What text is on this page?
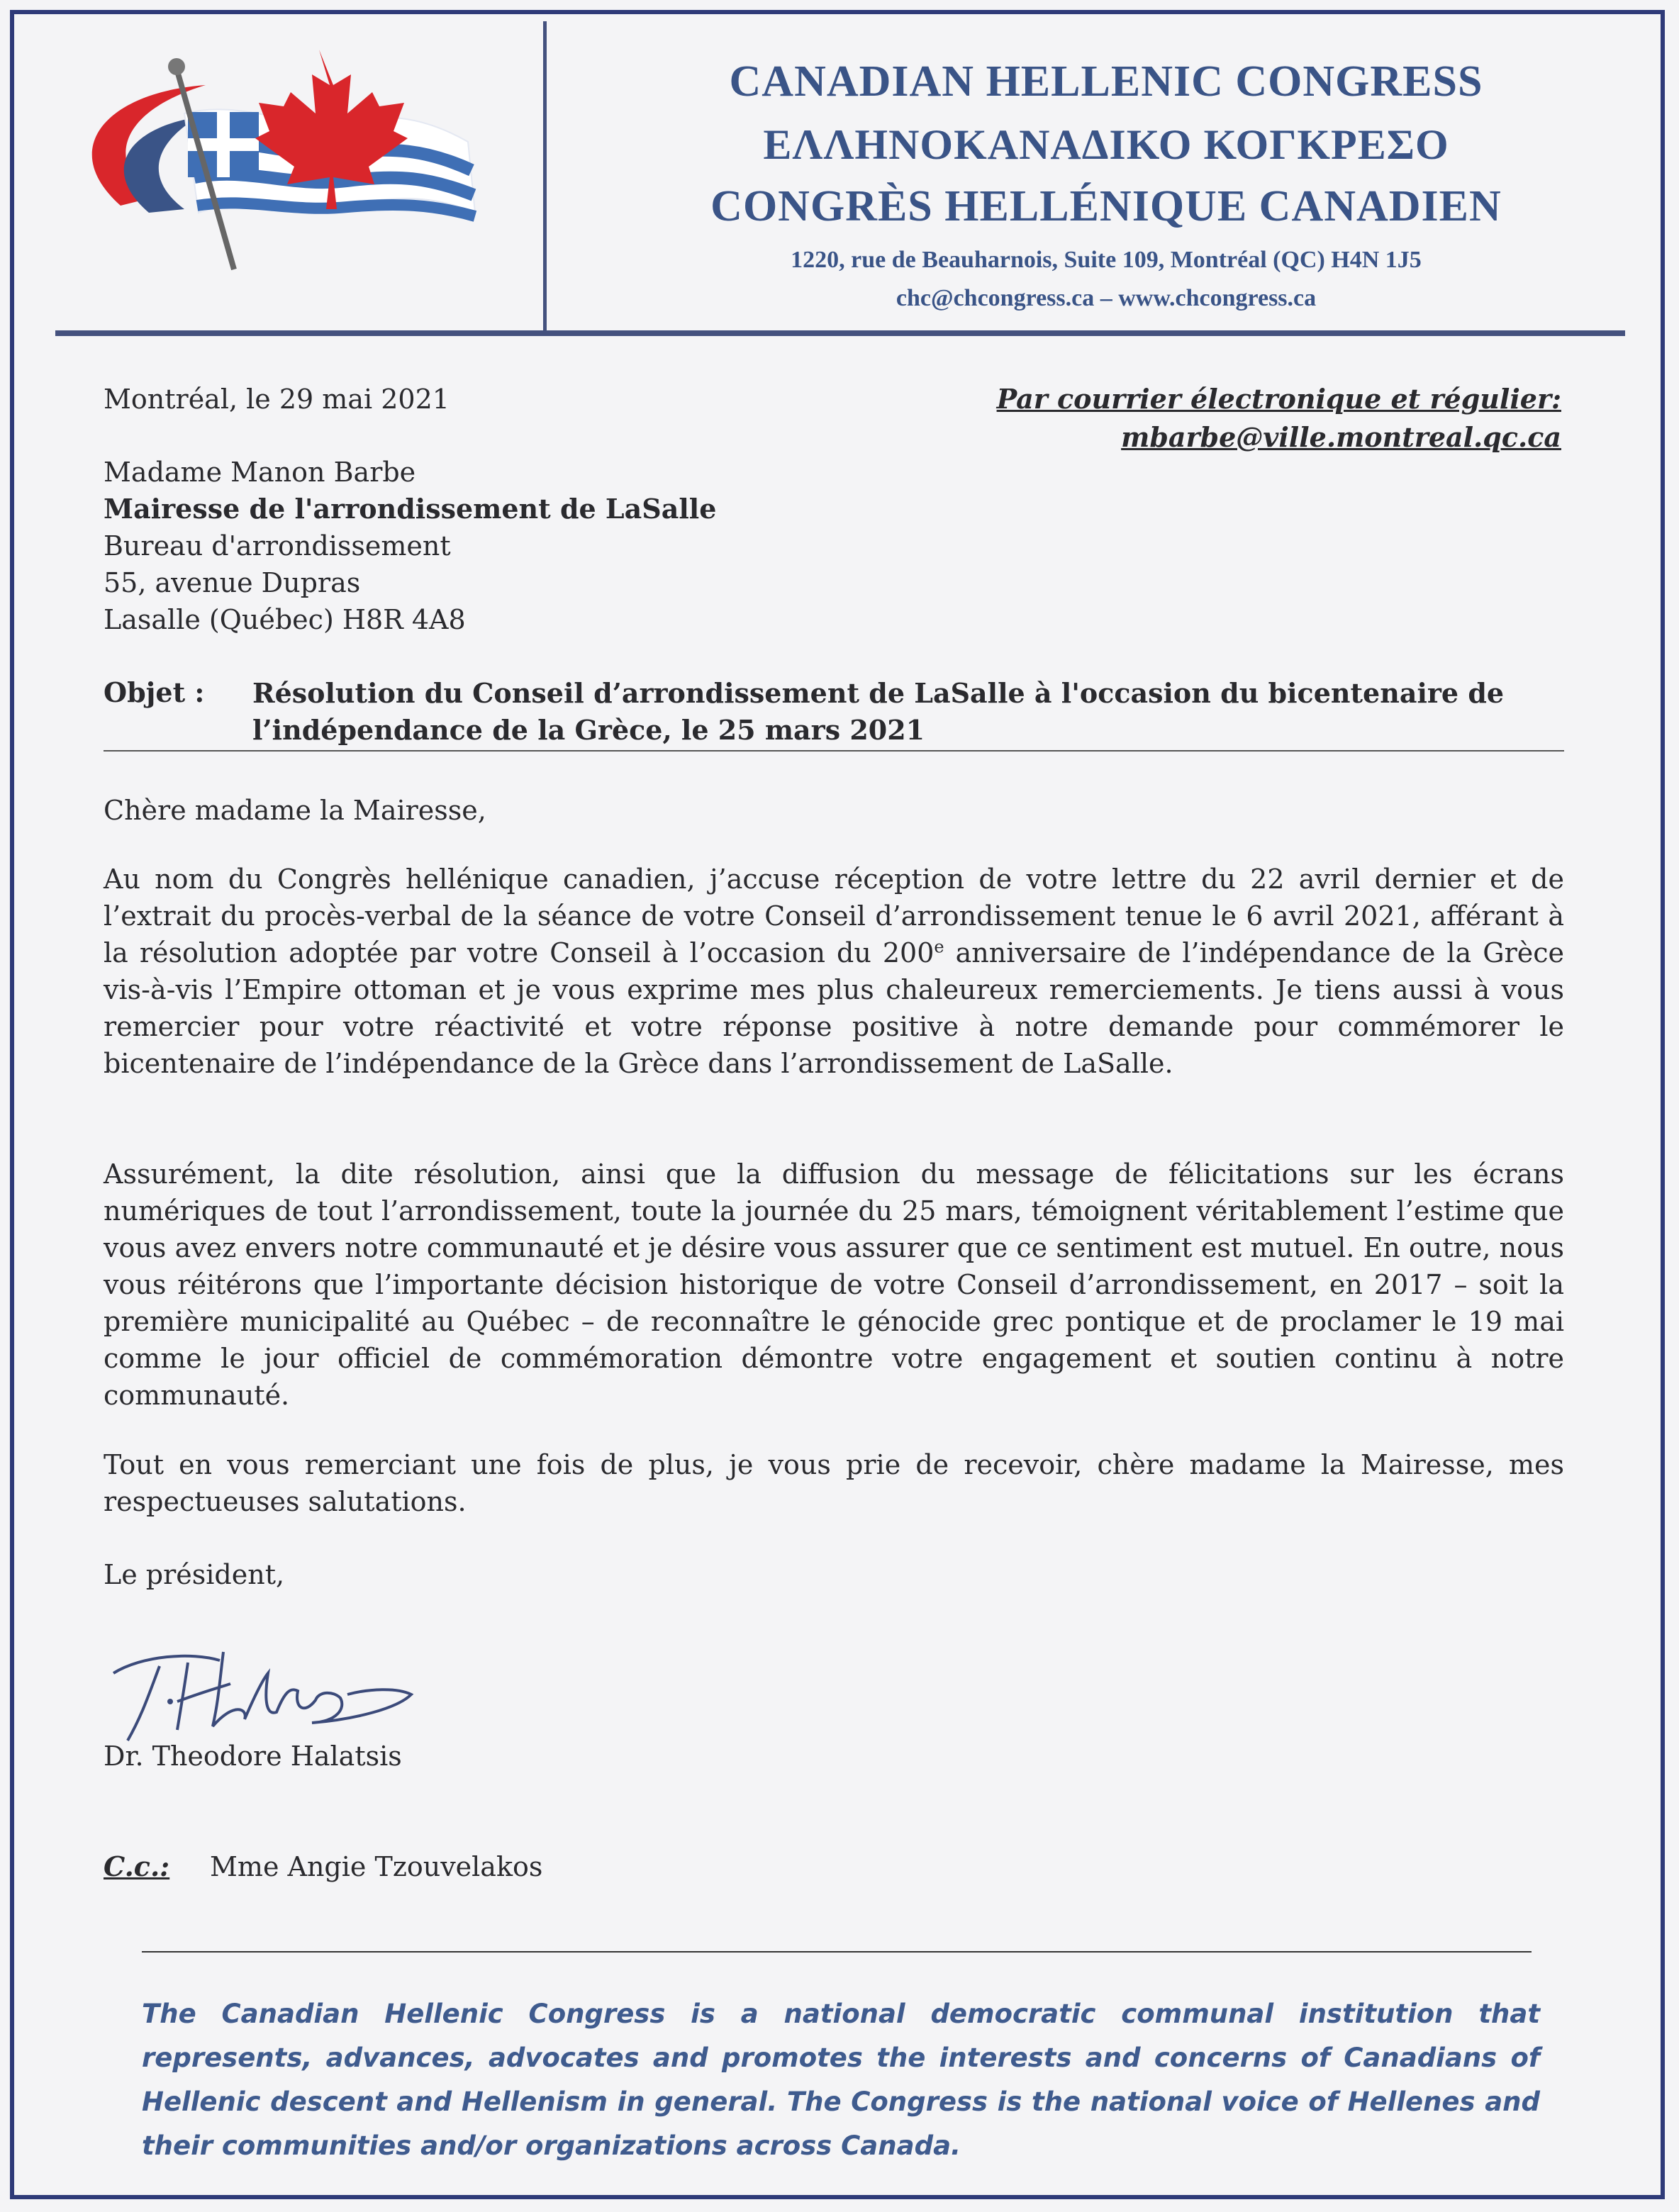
CANADIAN HELLENIC CONGRESS
ΕΛΛΗΝΟΚΑΝΑΔΙΚΟ ΚΟΓΚΡΕΣΟ
CONGRÈS HELLÉNIQUE CANADIEN

1220, rue de Beauharnois, Suite 109, Montréal (QC) H4N 1J5

chc@chcongress.ca – www.chcongress.ca

Montréal, le 29 mai 2021	Par courrier électronique et régulier:
mbarbe@ville.montreal.qc.ca
Madame Manon Barbe
Mairesse de l'arrondissement de LaSalle
Bureau d'arrondissement
55, avenue Dupras
Lasalle (Québec) H8R 4A8

Objet : Résolution du Conseil d’arrondissement de LaSalle à l'occasion du bicentenaire de l’indépendance de la Grèce, le 25 mars 2021

Chère madame la Mairesse,

Au nom du Congrès hellénique canadien, j’accuse réception de votre lettre du 22 avril dernier et de l’extrait du procès-verbal de la séance de votre Conseil d’arrondissement tenue le 6 avril 2021, afférant à la résolution adoptée par votre Conseil à l’occasion du 200e anniversaire de l’indépendance de la Grèce vis-à-vis l’Empire ottoman et je vous exprime mes plus chaleureux remerciements. Je tiens aussi à vous remercier pour votre réactivité et votre réponse positive à notre demande pour commémorer le bicentenaire de l’indépendance de la Grèce dans l’arrondissement de LaSalle.

Assurément, la dite résolution, ainsi que la diffusion du message de félicitations sur les écrans numériques de tout l’arrondissement, toute la journée du 25 mars, témoignent véritablement l’estime que vous avez envers notre communauté et je désire vous assurer que ce sentiment est mutuel. En outre, nous vous réitérons que l’importante décision historique de votre Conseil d’arrondissement, en 2017 – soit la première municipalité au Québec – de reconnaître le génocide grec pontique et de proclamer le 19 mai comme le jour officiel de commémoration démontre votre engagement et soutien continu à notre communauté.

Tout en vous remerciant une fois de plus, je vous prie de recevoir, chère madame la Mairesse, mes respectueuses salutations.

Le président,

Dr. Theodore Halatsis

C.c.: Mme Angie Tzouvelakos

The Canadian Hellenic Congress is a national democratic communal institution that represents, advances, advocates and promotes the interests and concerns of Canadians of Hellenic descent and Hellenism in general. The Congress is the national voice of Hellenes and their communities and/or organizations across Canada.
